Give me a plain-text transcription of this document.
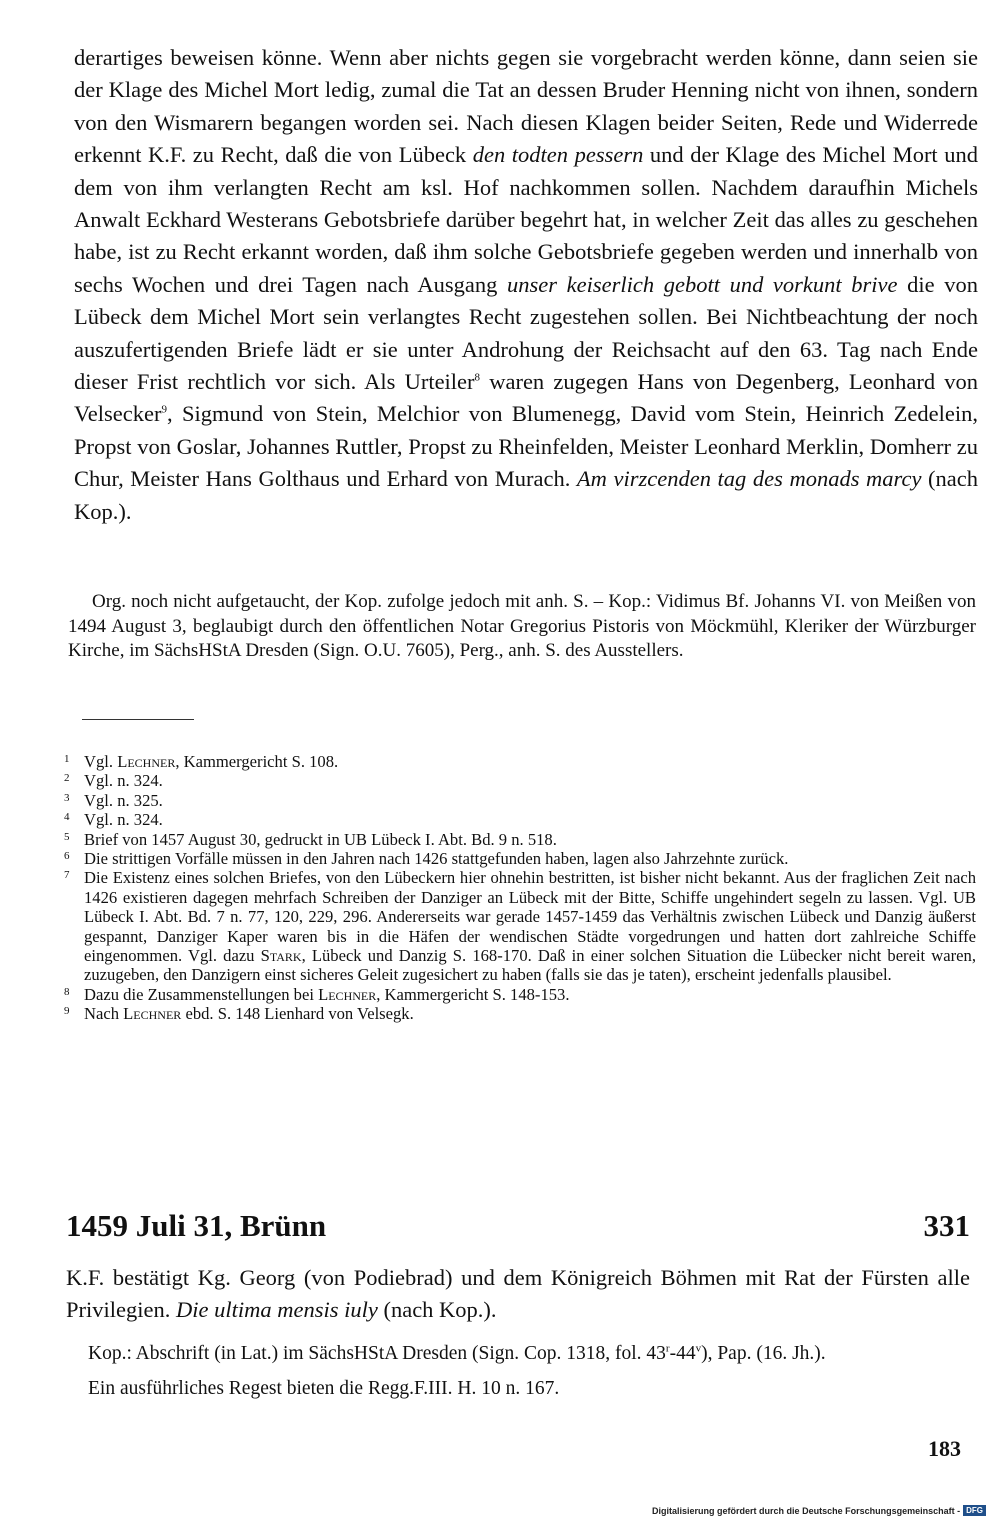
derartiges beweisen könne. Wenn aber nichts gegen sie vorgebracht werden könne, dann seien sie der Klage des Michel Mort ledig, zumal die Tat an dessen Bruder Henning nicht von ihnen, sondern von den Wismarern begangen worden sei. Nach diesen Klagen beider Seiten, Rede und Widerrede erkennt K.F. zu Recht, daß die von Lübeck den todten pessern und der Klage des Michel Mort und dem von ihm verlangten Recht am ksl. Hof nachkommen sollen. Nachdem daraufhin Michels Anwalt Eckhard Westerans Gebotsbriefe darüber begehrt hat, in welcher Zeit das alles zu geschehen habe, ist zu Recht erkannt worden, daß ihm solche Gebotsbriefe gegeben werden und innerhalb von sechs Wochen und drei Tagen nach Ausgang unser keiserlich gebott und vorkunt brive die von Lübeck dem Michel Mort sein verlangtes Recht zugestehen sollen. Bei Nichtbeachtung der noch auszufertigenden Briefe lädt er sie unter Androhung der Reichsacht auf den 63. Tag nach Ende dieser Frist rechtlich vor sich. Als Urteiler$^8$ waren zugegen Hans von Degenberg, Leonhard von Velsecker$^9$, Sigmund von Stein, Melchior von Blumenegg, David vom Stein, Heinrich Zedelein, Propst von Goslar, Johannes Ruttler, Propst zu Rheinfelden, Meister Leonhard Merklin, Domherr zu Chur, Meister Hans Golthaus und Erhard von Murach. Am virzcenden tag des monads marcy (nach Kop.).

Org. noch nicht aufgetaucht, der Kop. zufolge jedoch mit anh. S. – Kop.: Vidimus Bf. Johanns VI. von Meißen von 1494 August 3, beglaubigt durch den öffentlichen Notar Gregorius Pistoris von Möckmühl, Kleriker der Würzburger Kirche, im SächsHStA Dresden (Sign. O.U. 7605), Perg., anh. S. des Ausstellers.

1 Vgl. Lechner, Kammergericht S. 108.
2 Vgl. n. 324.
3 Vgl. n. 325.
4 Vgl. n. 324.
5 Brief von 1457 August 30, gedruckt in UB Lübeck I. Abt. Bd. 9 n. 518.
6 Die strittigen Vorfälle müssen in den Jahren nach 1426 stattgefunden haben, lagen also Jahrzehnte zurück.
7 Die Existenz eines solchen Briefes, von den Lübeckern hier ohnehin bestritten, ist bisher nicht bekannt. Aus der fraglichen Zeit nach 1426 existieren dagegen mehrfach Schreiben der Danziger an Lübeck mit der Bitte, Schiffe ungehindert segeln zu lassen. Vgl. UB Lübeck I. Abt. Bd. 7 n. 77, 120, 229, 296. Andererseits war gerade 1457-1459 das Verhältnis zwischen Lübeck und Danzig äußerst gespannt, Danziger Kaper waren bis in die Häfen der wendischen Städte vorgedrungen und hatten dort zahlreiche Schiffe eingenommen. Vgl. dazu Stark, Lübeck und Danzig S. 168-170. Daß in einer solchen Situation die Lübecker nicht bereit waren, zuzugeben, den Danzigern einst sicheres Geleit zugesichert zu haben (falls sie das je taten), erscheint jedenfalls plausibel.
8 Dazu die Zusammenstellungen bei Lechner, Kammergericht S. 148-153.
9 Nach Lechner ebd. S. 148 Lienhard von Velsegk.
1459 Juli 31, Brünn	331

K.F. bestätigt Kg. Georg (von Podiebrad) und dem Königreich Böhmen mit Rat der Fürsten alle Privilegien. Die ultima mensis iuly (nach Kop.).

Kop.: Abschrift (in Lat.) im SächsHStA Dresden (Sign. Cop. 1318, fol. 43$^r$-44$^v$), Pap. (16. Jh.).

Ein ausführliches Regest bieten die Regg.F.III. H. 10 n. 167.

183
Digitalisierung gefördert durch die Deutsche Forschungsgemeinschaft - DFG
